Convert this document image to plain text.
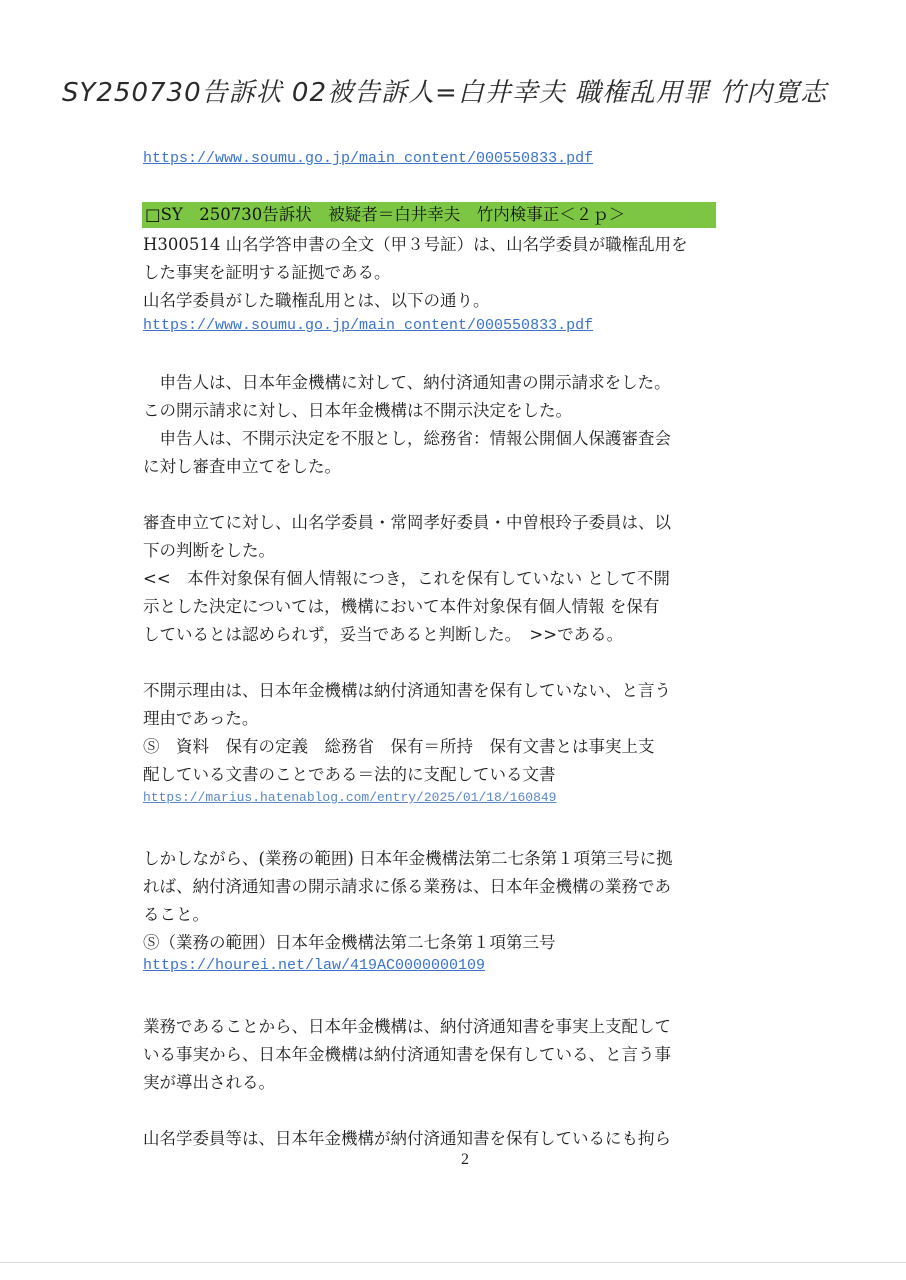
SY250730告訴状 02被告訴人=白井幸夫 職権乱用罪 竹内寛志
https://www.soumu.go.jp/main_content/000550833.pdf
□SY　250730告訴状　被疑者＝白井幸夫　竹内検事正＜２ｐ＞
H300514 山名学答申書の全文（甲３号証）は、山名学委員が職権乱用を
した事実を証明する証拠である。
山名学委員がした職権乱用とは、以下の通り。
https://www.soumu.go.jp/main_content/000550833.pdf
　申告人は、日本年金機構に対して、納付済通知書の開示請求をした。
この開示請求に対し、日本年金機構は不開示決定をした。
　申告人は、不開示決定を不服とし，総務省：情報公開個人保護審査会
に対し審査申立てをした。
審査申立てに対し、山名学委員・常岡孝好委員・中曽根玲子委員は、以
下の判断をした。
<<　本件対象保有個人情報につき，これを保有していない として不開
示とした決定については，機構において本件対象保有個人情報 を保有
しているとは認められず，妥当であると判断した。　>>である。
不開示理由は、日本年金機構は納付済通知書を保有していない、と言う
理由であった。
Ⓢ　資料　保有の定義　総務省　保有＝所持　保有文書とは事実上支
配している文書のことである＝法的に支配している文書
https://marius.hatenablog.com/entry/2025/01/18/160849
しかしながら、(業務の範囲) 日本年金機構法第二七条第１項第三号に拠
れば、納付済通知書の開示請求に係る業務は、日本年金機構の業務であ
ること。
Ⓢ（業務の範囲）日本年金機構法第二七条第１項第三号
https://hourei.net/law/419AC0000000109
業務であることから、日本年金機構は、納付済通知書を事実上支配して
いる事実から、日本年金機構は納付済通知書を保有している、と言う事
実が導出される。
山名学委員等は、日本年金機構が納付済通知書を保有しているにも拘ら
2
